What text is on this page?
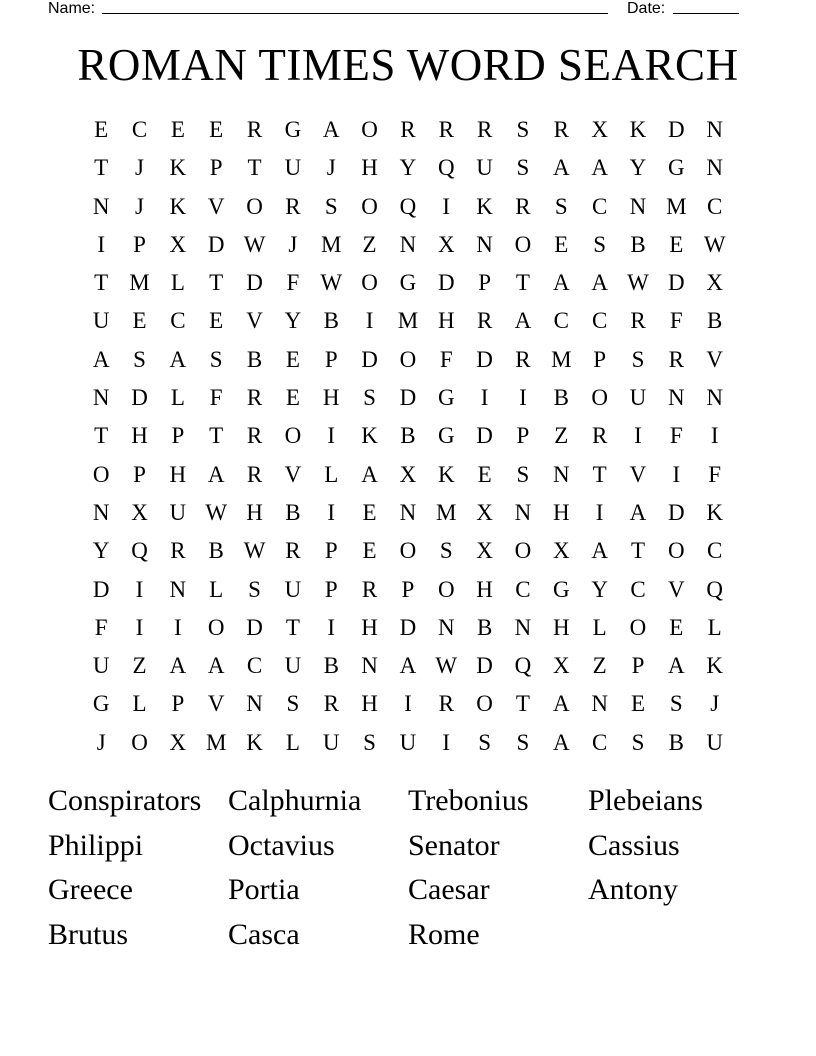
Name:	Date:
ROMAN TIMES WORD SEARCH
E	C	E	E	R G A O R	R	R	S	R X K D N
T	J	K	P	T	U	J	H Y Q U	S	A A Y G N
N	J	K V O R	S	O Q	I	K R	S	C N M C
I	P	X D W	J	M Z	N X N O	E	S	B	E W
T M L	T	D	F W O G D	P	T	A A W D X
U	E	C	E	V Y B	I	M H R A C	C	R	F	B
A	S	A	S	B	E	P	D O	F	D R M P	S	R V
N D	L	F	R	E	H	S	D G	I	I	B O U N N
T	H	P	T	R O	I	K B G D	P	Z	R	I	F	I
O	P	H A R V	L	A X K	E	S	N	T	V	I	F
N X U W H B	I	E	N M X N H	I	A D K
Y Q R	B W R	P	E	O	S	X O X A	T	O C
D	I	N	L	S	U	P	R	P	O H C G Y C V Q
F	I	I	O D	T	I	H D N B N H	L	O	E	L
U	Z	A A C U B N A W D Q X	Z	P	A K
G	L	P	V N	S	R H	I	R O	T	A N	E	S	J
J	O X M K	L	U	S	U	I	S	S	A C	S	B U
Conspirators Calphurnia	Trebonius	Plebeians
Philippi	Octavius	Senator	Cassius
Greece	Portia	Caesar	Antony
Brutus	Casca	Rome
